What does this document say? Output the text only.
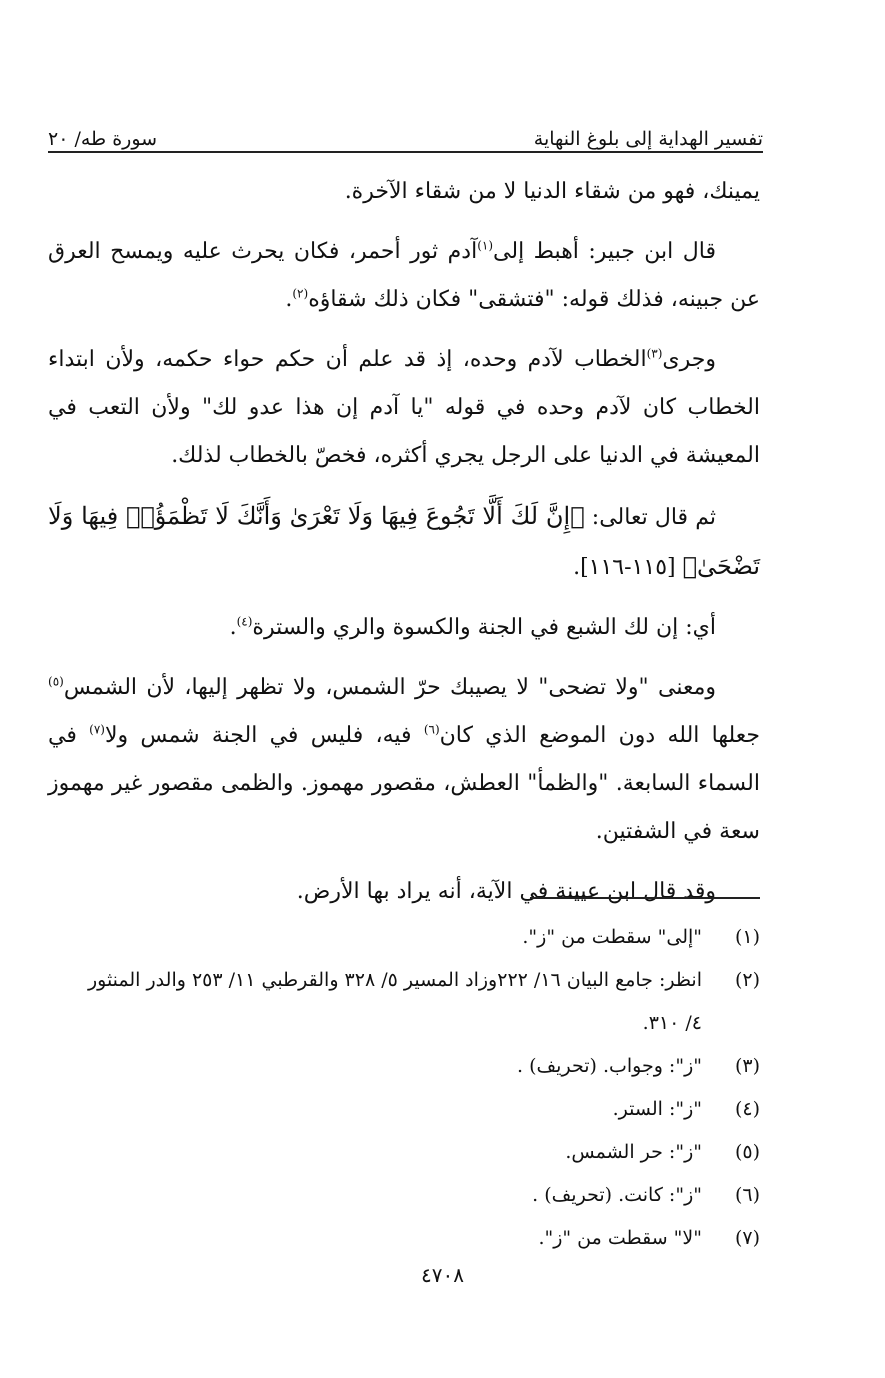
سورة طه/ ٢٠	تفسير الهداية إلى بلوغ النهاية

يمينك، فهو من شقاء الدنيا لا من شقاء الآخرة.

قال ابن جبير: أهبط إلى$^{(١)}$آدم ثور أحمر، فكان يحرث عليه ويمسح العرق عن جبينه، فذلك قوله: "فتشقى" فكان ذلك شقاؤه$^{(٢)}$.

وجرى$^{(٣)}$الخطاب لآدم وحده، إذ قد علم أن حكم حواء حكمه، ولأن ابتداء الخطاب كان لآدم وحده في قوله "يا آدم إن هذا عدو لك" ولأن التعب في المعيشة في الدنيا على الرجل يجري أكثره، فخصّ بالخطاب لذلك.

ثم قال تعالى: ﴿إِنَّ لَكَ أَلَّا تَجُوعَ فِيهَا وَلَا تَعْرَىٰ وَأَنَّكَ لَا تَظْمَؤُا۟ فِيهَا وَلَا تَضْحَىٰ﴾ [١١٥-١١٦].

أي: إن لك الشبع في الجنة والكسوة والري والسترة$^{(٤)}$.

ومعنى "ولا تضحى" لا يصيبك حرّ الشمس، ولا تظهر إليها، لأن الشمس$^{(٥)}$ جعلها الله دون الموضع الذي كان$^{(٦)}$ فيه، فليس في الجنة شمس ولا$^{(٧)}$ في السماء السابعة. "والظمأ" العطش، مقصور مهموز. والظمى مقصور غير مهموز سعة في الشفتين.

وقد قال ابن عيينة في الآية، أنه يراد بها الأرض.

(١)
"إلى" سقطت من "ز".
(٢)
انظر: جامع البيان ١٦/ ٢٢٢وزاد المسير ٥/ ٣٢٨ والقرطبي ١١/ ٢٥٣ والدر المنثور
٤/ ٣١٠.
(٣)
"ز": وجواب. (تحريف) .
(٤)
"ز": الستر.
(٥)
"ز": حر الشمس.
(٦)
"ز": كانت. (تحريف) .
(٧)
"لا" سقطت من "ز".
٤٧٠٨
